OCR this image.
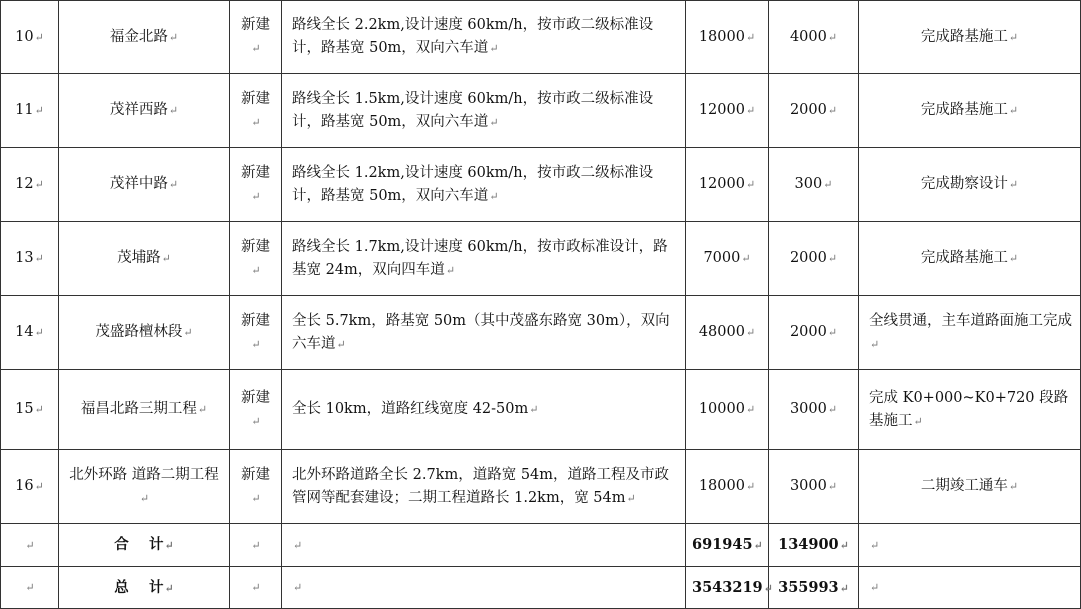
10↵	福金北路↵	新建↵	路线全长 2.2km,设计速度 60km/h，按市政二级标准设计，路基宽 50m，双向六车道↵	18000↵	4000↵	完成路基施工↵
11↵	茂祥西路↵	新建↵	路线全长 1.5km,设计速度 60km/h，按市政二级标准设计，路基宽 50m，双向六车道↵	12000↵	2000↵	完成路基施工↵
12↵	茂祥中路↵	新建↵	路线全长 1.2km,设计速度 60km/h，按市政二级标准设计，路基宽 50m，双向六车道↵	12000↵	300↵	完成勘察设计↵
13↵	茂埔路↵	新建↵	路线全长 1.7km,设计速度 60km/h，按市政标准设计，路基宽 24m，双向四车道↵	7000↵	2000↵	完成路基施工↵
14↵	茂盛路檀林段↵	新建↵	全长 5.7km，路基宽 50m（其中茂盛东路宽 30m），双向六车道↵	48000↵	2000↵	全线贯通，主车道路面施工完成↵
15↵	福昌北路三期工程↵	新建↵	全长 10km，道路红线宽度 42-50m↵	10000↵	3000↵	完成 K0+000~K0+720 段路基施工↵
16↵	北外环路 道路二期工程↵	新建↵	北外环路道路全长 2.7km，道路宽 54m，道路工程及市政管网等配套建设；二期工程道路长 1.2km，宽 54m↵	18000↵	3000↵	二期竣工通车↵
↵	合    计↵	↵	↵	691945↵	134900↵	↵
↵	总    计↵	↵	↵	3543219↵	355993↵	↵
